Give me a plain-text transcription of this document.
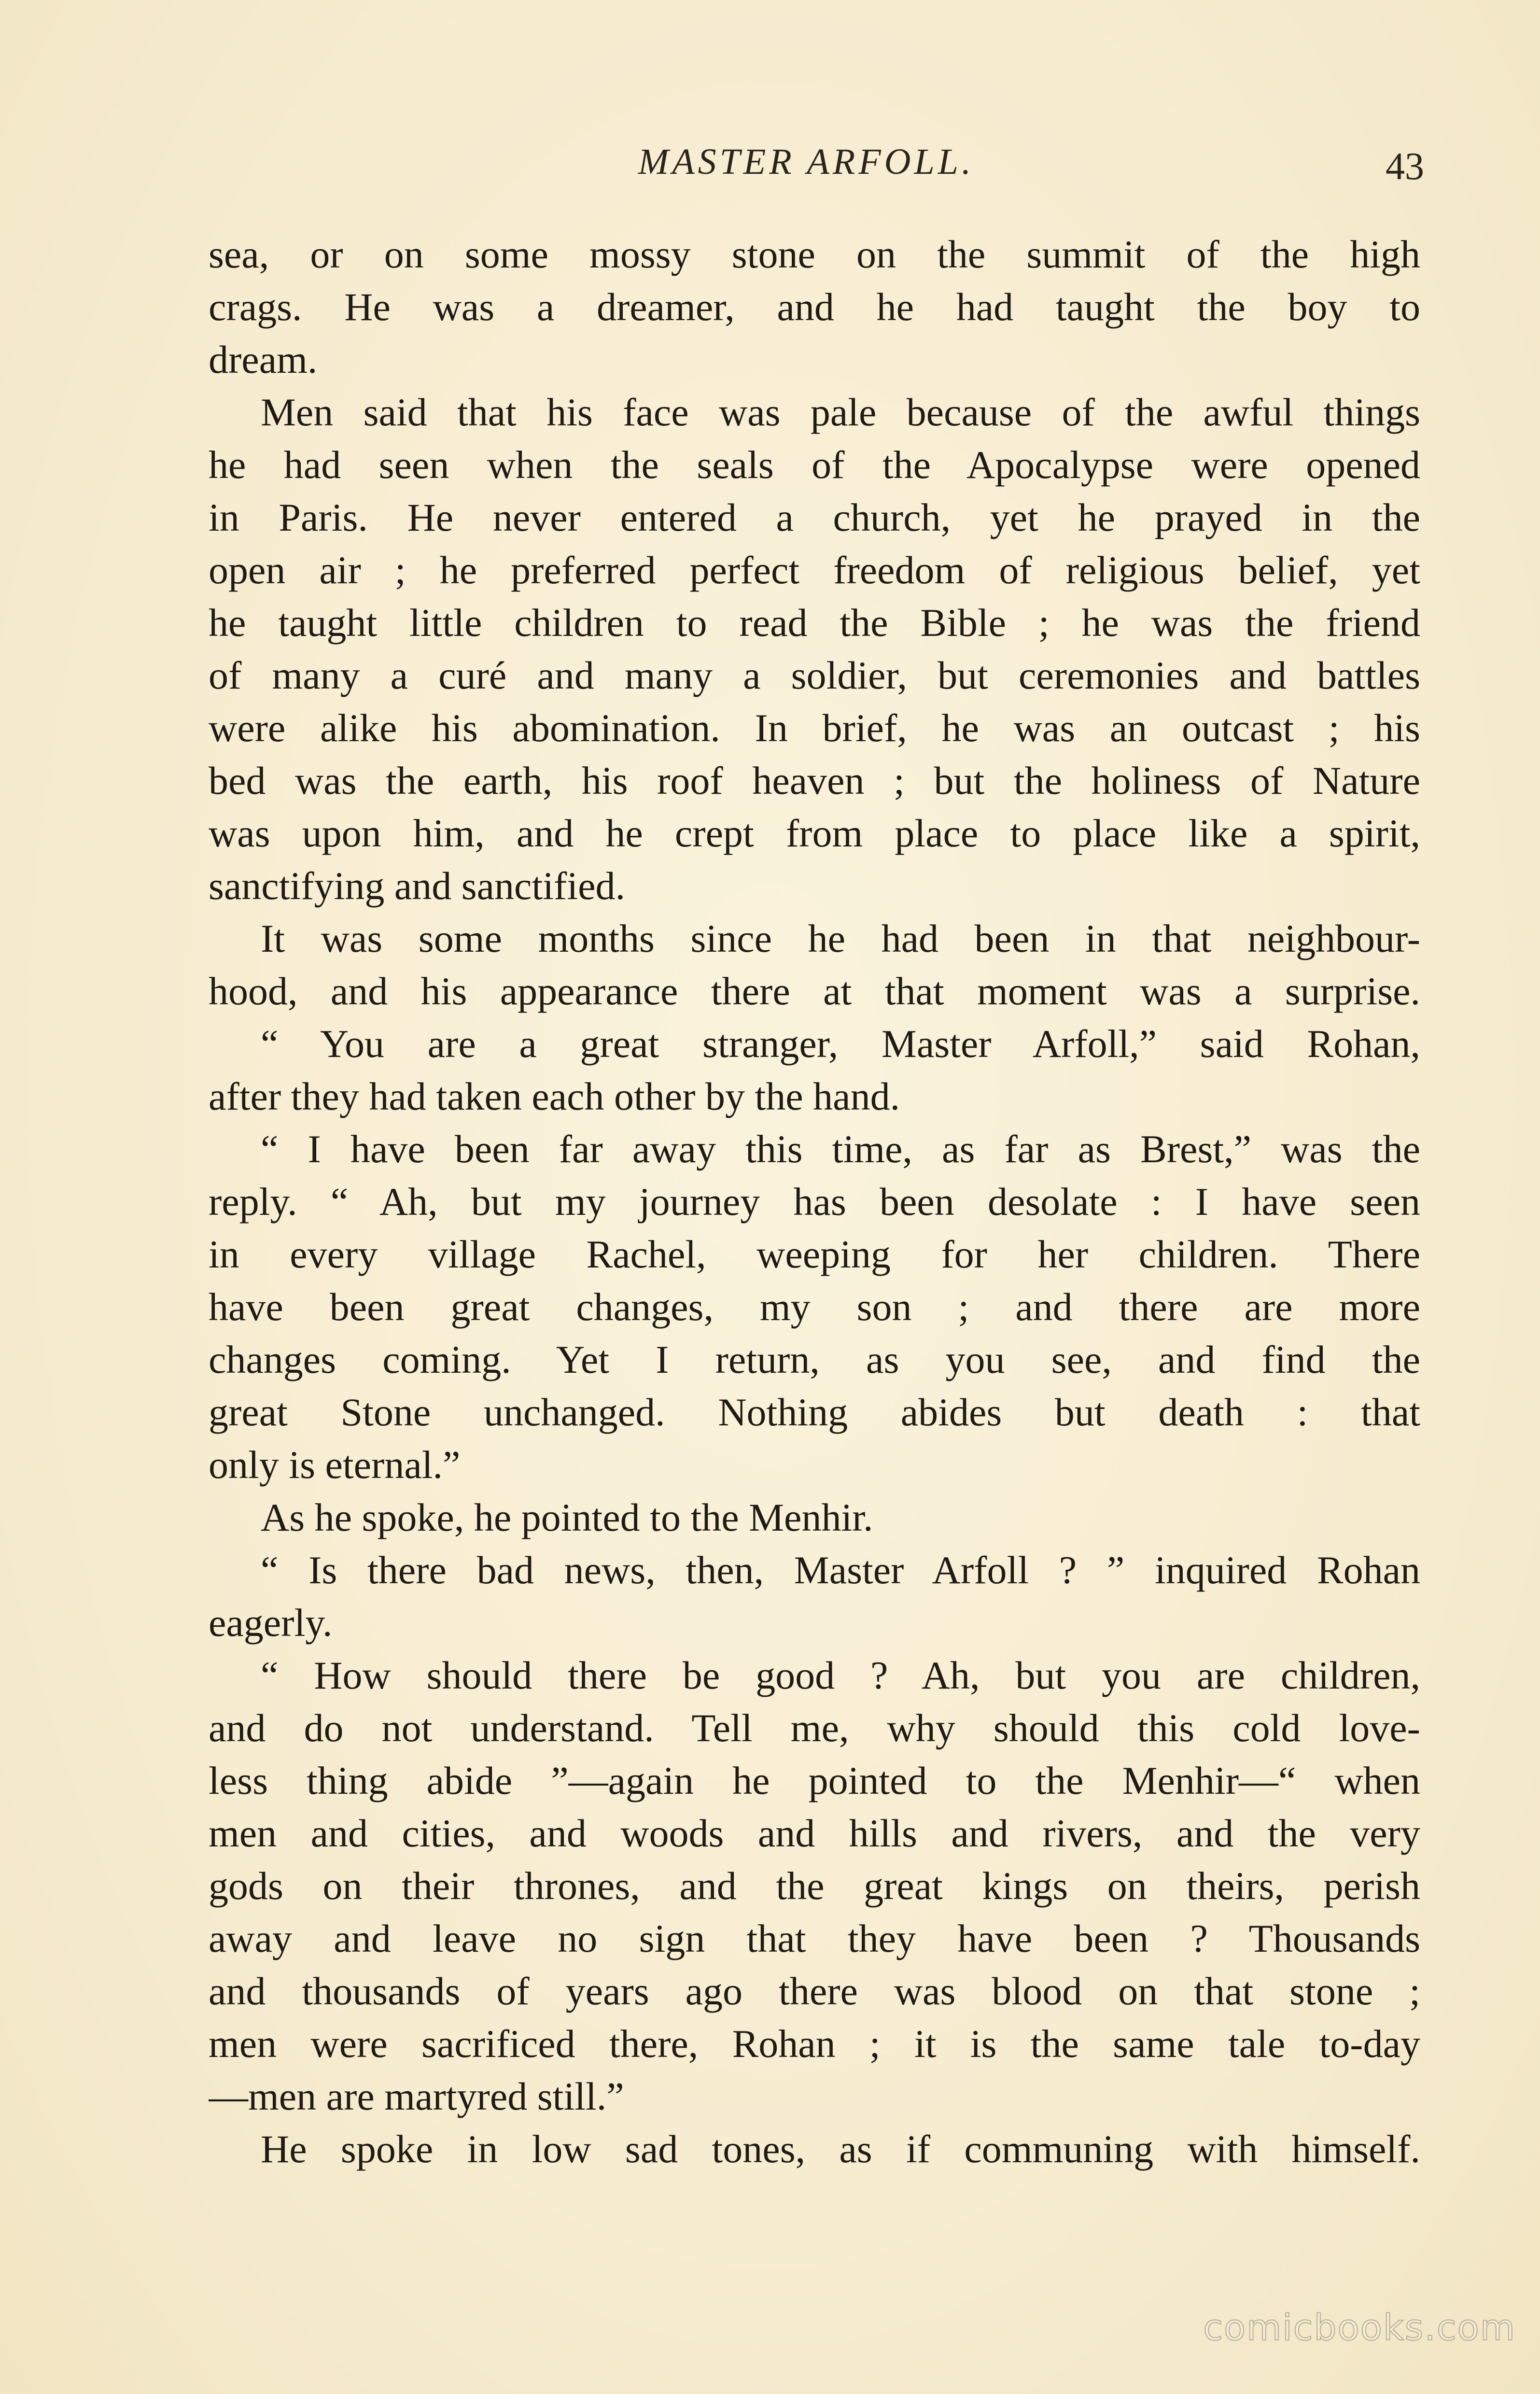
MASTER ARFOLL.	43
sea, or on some mossy stone on the summit of the high
crags. He was a dreamer, and he had taught the boy to
dream.
Men said that his face was pale because of the awful things
he had seen when the seals of the Apocalypse were opened
in Paris. He never entered a church, yet he prayed in the
open air ; he preferred perfect freedom of religious belief, yet
he taught little children to read the Bible ; he was the friend
of many a curé and many a soldier, but ceremonies and battles
were alike his abomination. In brief, he was an outcast ; his
bed was the earth, his roof heaven ; but the holiness of Nature
was upon him, and he crept from place to place like a spirit,
sanctifying and sanctified.
It was some months since he had been in that neighbour-
hood, and his appearance there at that moment was a surprise.
“ You are a great stranger, Master Arfoll,” said Rohan,
after they had taken each other by the hand.
“ I have been far away this time, as far as Brest,” was the
reply. “ Ah, but my journey has been desolate : I have seen
in every village Rachel, weeping for her children. There
have been great changes, my son ; and there are more
changes coming. Yet I return, as you see, and find the
great Stone unchanged. Nothing abides but death : that
only is eternal.”
As he spoke, he pointed to the Menhir.
“ Is there bad news, then, Master Arfoll ? ” inquired Rohan
eagerly.
“ How should there be good ? Ah, but you are children,
and do not understand. Tell me, why should this cold love-
less thing abide ”—again he pointed to the Menhir—“ when
men and cities, and woods and hills and rivers, and the very
gods on their thrones, and the great kings on theirs, perish
away and leave no sign that they have been ? Thousands
and thousands of years ago there was blood on that stone ;
men were sacrificed there, Rohan ; it is the same tale to-day
—men are martyred still.”
He spoke in low sad tones, as if communing with himself.
comicbooks.com
